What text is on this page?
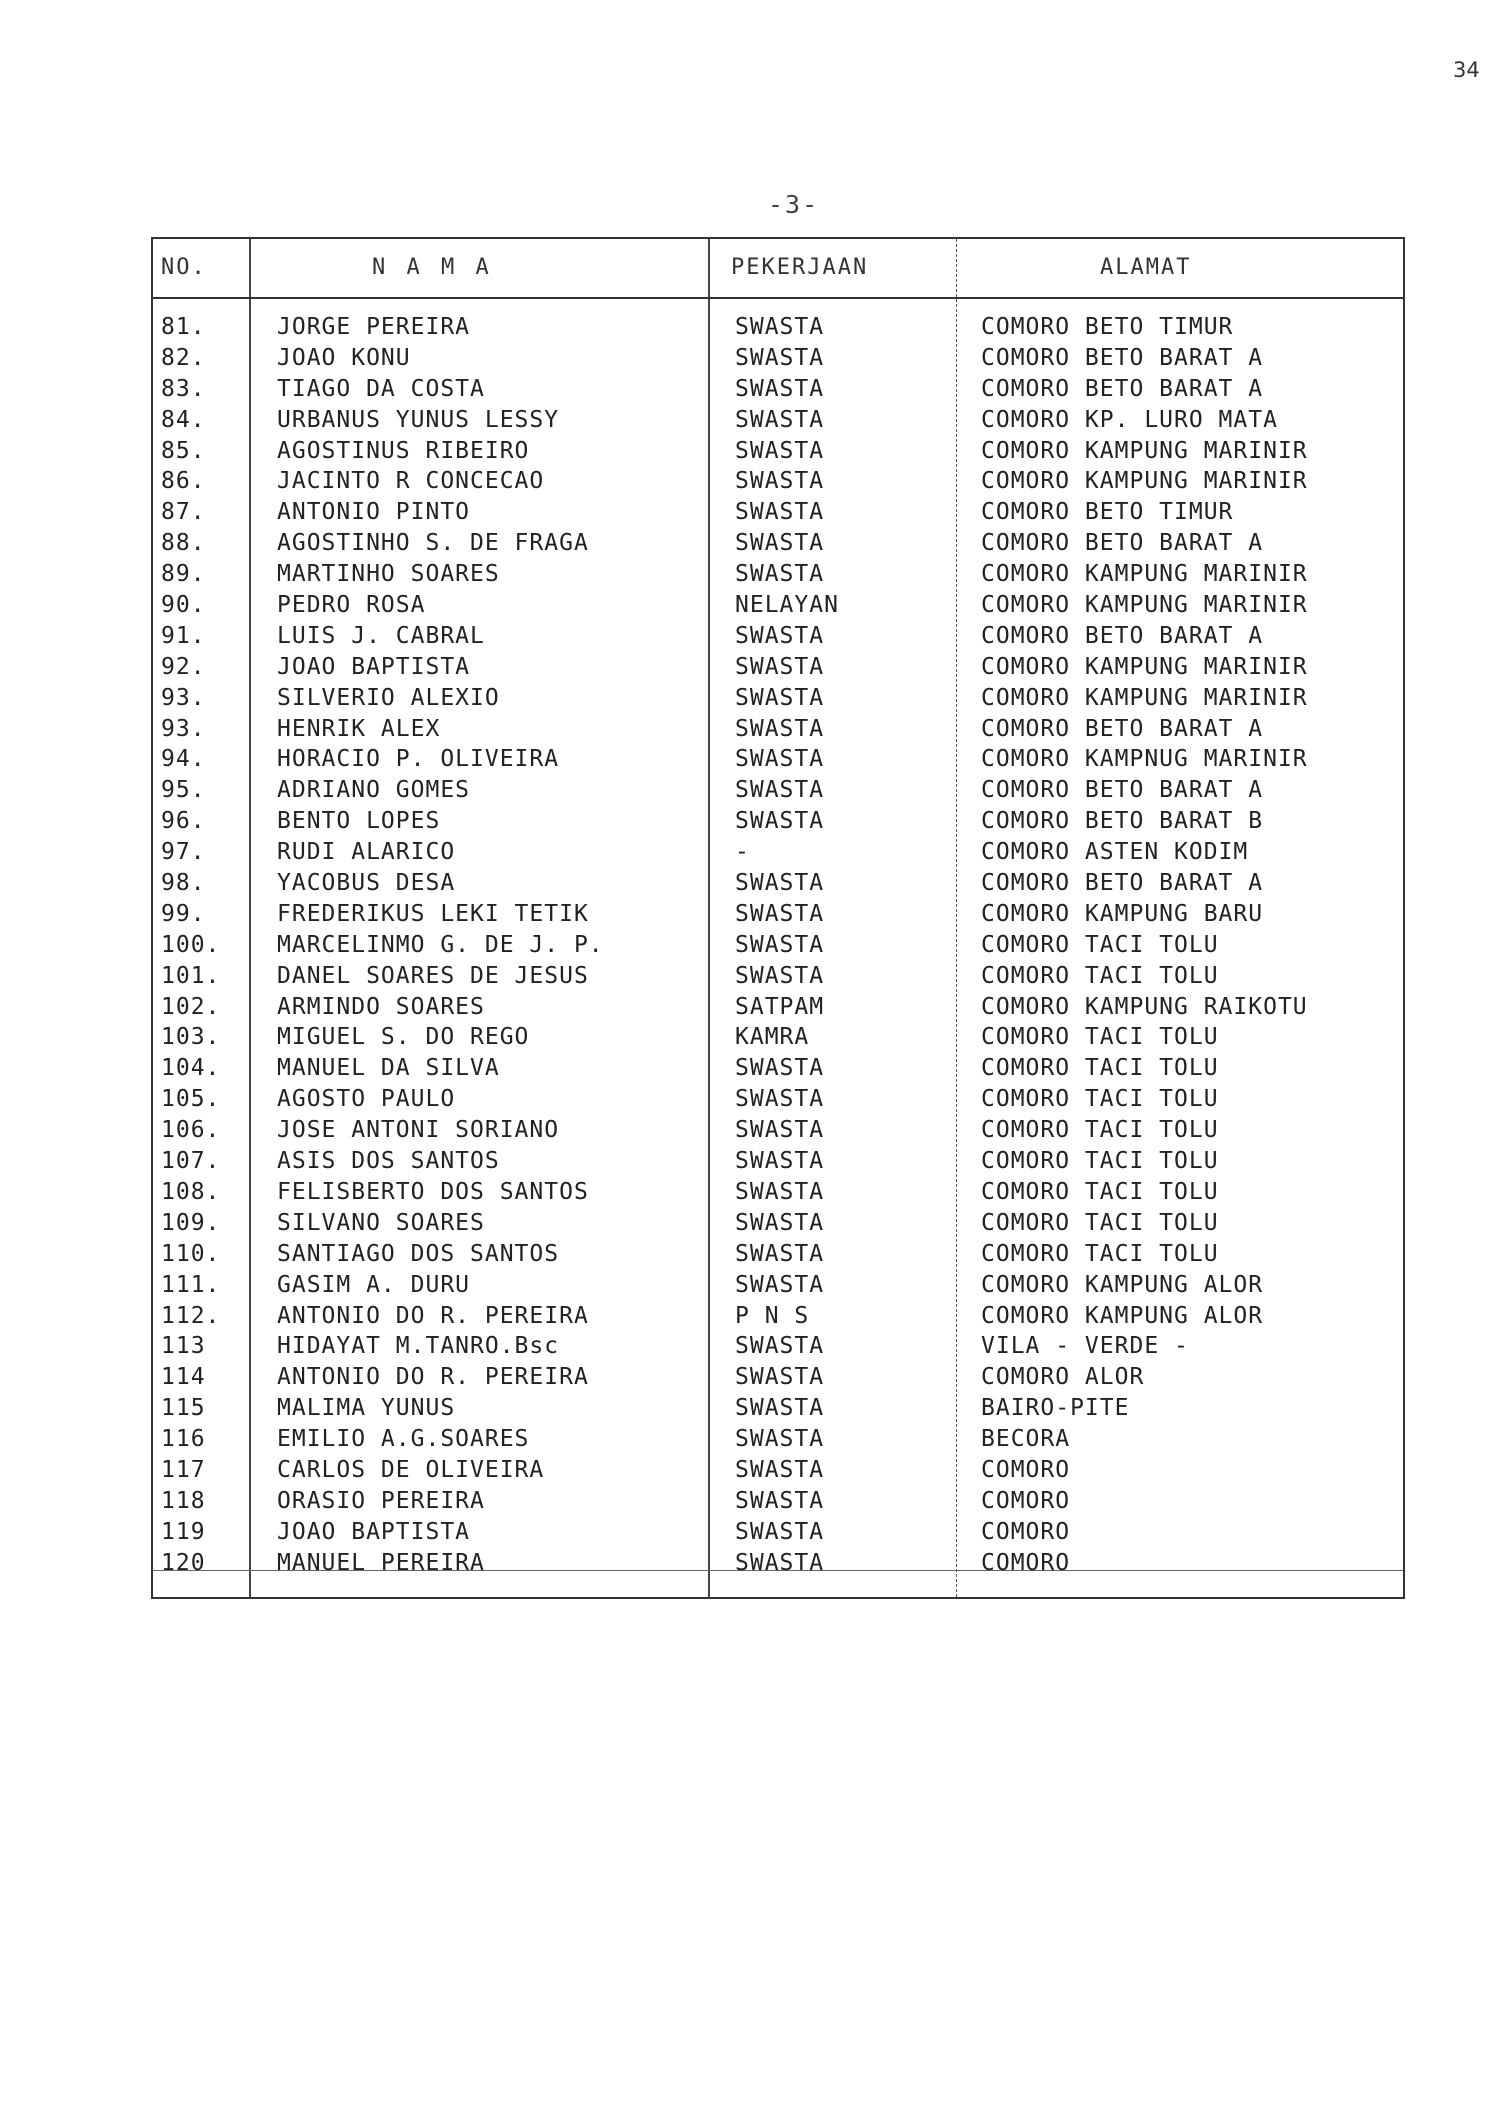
34
-3-
NO.	N A M A	PEKERJAAN	ALAMAT
81.	JORGE PEREIRA	SWASTA	COMORO BETO TIMUR
82.	JOAO KONU	SWASTA	COMORO BETO BARAT A
83.	TIAGO DA COSTA	SWASTA	COMORO BETO BARAT A
84.	URBANUS YUNUS LESSY	SWASTA	COMORO KP. LURO MATA
85.	AGOSTINUS RIBEIRO	SWASTA	COMORO KAMPUNG MARINIR
86.	JACINTO R CONCECAO	SWASTA	COMORO KAMPUNG MARINIR
87.	ANTONIO PINTO	SWASTA	COMORO BETO TIMUR
88.	AGOSTINHO S. DE FRAGA	SWASTA	COMORO BETO BARAT A
89.	MARTINHO SOARES	SWASTA	COMORO KAMPUNG MARINIR
90.	PEDRO ROSA	NELAYAN	COMORO KAMPUNG MARINIR
91.	LUIS J. CABRAL	SWASTA	COMORO BETO BARAT A
92.	JOAO BAPTISTA	SWASTA	COMORO KAMPUNG MARINIR
93.	SILVERIO ALEXIO	SWASTA	COMORO KAMPUNG MARINIR
93.	HENRIK ALEX	SWASTA	COMORO BETO BARAT A
94.	HORACIO P. OLIVEIRA	SWASTA	COMORO KAMPNUG MARINIR
95.	ADRIANO GOMES	SWASTA	COMORO BETO BARAT A
96.	BENTO LOPES	SWASTA	COMORO BETO BARAT B
97.	RUDI ALARICO	-	COMORO ASTEN KODIM
98.	YACOBUS DESA	SWASTA	COMORO BETO BARAT A
99.	FREDERIKUS LEKI TETIK	SWASTA	COMORO KAMPUNG BARU
100. MARCELINMO G. DE J. P.	SWASTA	COMORO TACI TOLU
101. DANEL SOARES DE JESUS	SWASTA	COMORO TACI TOLU
102. ARMINDO SOARES	SATPAM	COMORO KAMPUNG RAIKOTU
103. MIGUEL S. DO REGO	KAMRA	COMORO TACI TOLU
104. MANUEL DA SILVA	SWASTA	COMORO TACI TOLU
105. AGOSTO PAULO	SWASTA	COMORO TACI TOLU
106. JOSE ANTONI SORIANO	SWASTA	COMORO TACI TOLU
107. ASIS DOS SANTOS	SWASTA	COMORO TACI TOLU
108. FELISBERTO DOS SANTOS	SWASTA	COMORO TACI TOLU
109. SILVANO SOARES	SWASTA	COMORO TACI TOLU
110. SANTIAGO DOS SANTOS	SWASTA	COMORO TACI TOLU
111. GASIM A. DURU	SWASTA	COMORO KAMPUNG ALOR
112. ANTONIO DO R. PEREIRA	P N S	COMORO KAMPUNG ALOR
113	HIDAYAT M.TANRO.Bsc	SWASTA	VILA - VERDE -
114	ANTONIO DO R. PEREIRA	SWASTA	COMORO ALOR
115	MALIMA YUNUS	SWASTA	BAIRO-PITE
116	EMILIO A.G.SOARES	SWASTA	BECORA
117	CARLOS DE OLIVEIRA	SWASTA	COMORO
118	ORASIO PEREIRA	SWASTA	COMORO
119	JOAO BAPTISTA	SWASTA	COMORO
120	MANUEL PEREIRA	SWASTA	COMORO
